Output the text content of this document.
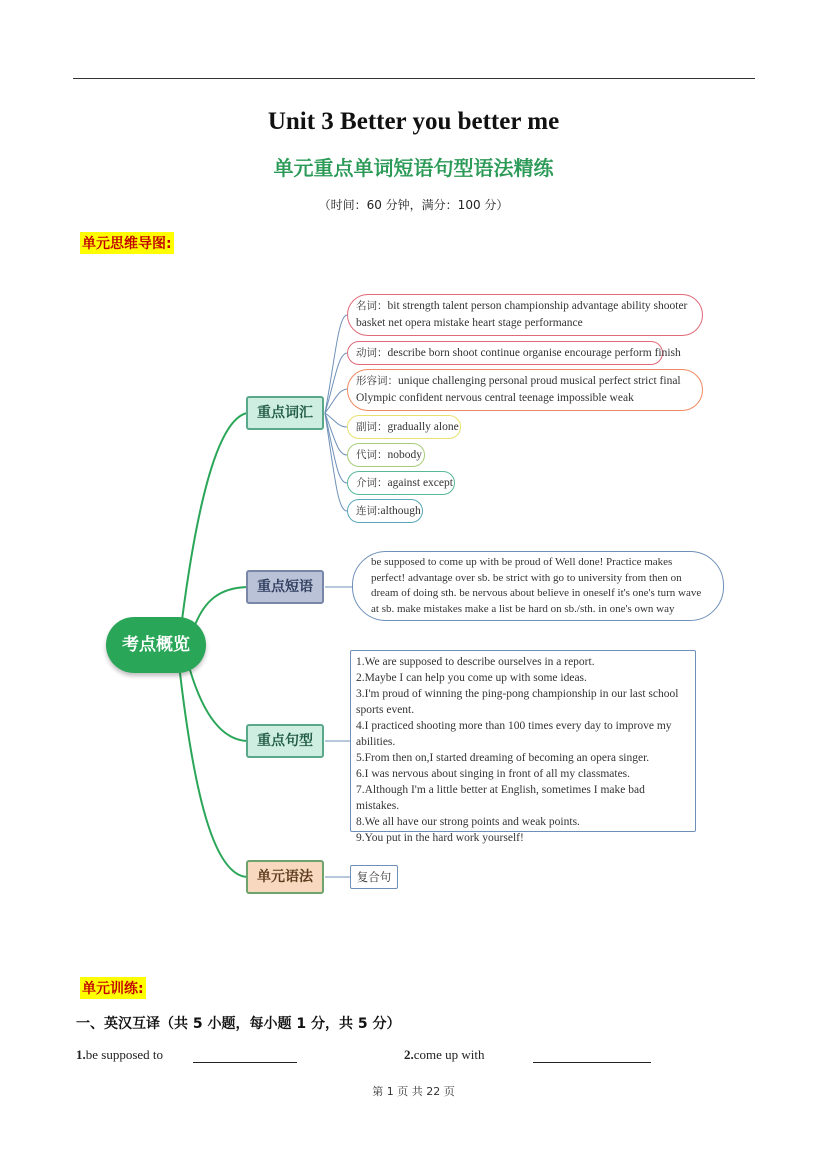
Unit 3 Better you better me
单元重点单词短语句型语法精练
（时间：60 分钟，满分：100 分）
单元思维导图:
考点概览
重点词汇
重点短语
重点句型
单元语法
名词：bit strength talent person championship advantage ability shooter basket net opera mistake heart stage performance
动词：describe born shoot continue organise encourage perform finish
形容词：unique challenging personal proud musical perfect strict final Olympic confident nervous central teenage impossible weak
副词：gradually alone
代词：nobody
介词：against except
连词:although
be supposed to come up with be proud of Well done! Practice makes perfect! advantage over sb. be strict with go to university from then on dream of doing sth. be nervous about believe in oneself it's one's turn wave at sb. make mistakes make a list be hard on sb./sth. in one's own way
1.We are supposed to describe ourselves in a report.
2.Maybe I can help you come up with some ideas.
3.I'm proud of winning the ping-pong championship in our last school sports event.
4.I practiced shooting more than 100 times every day to improve my abilities.
5.From then on,I started dreaming of becoming an opera singer.
6.I was nervous about singing in front of all my classmates.
7.Although I'm a little better at English, sometimes I make bad mistakes.
8.We all have our strong points and weak points.
9.You put in the hard work yourself!
复合句
单元训练:
一、英汉互译（共 5 小题，每小题 1 分，共 5 分）
1.be supposed to	2.come up with
第 1 页 共 22 页
